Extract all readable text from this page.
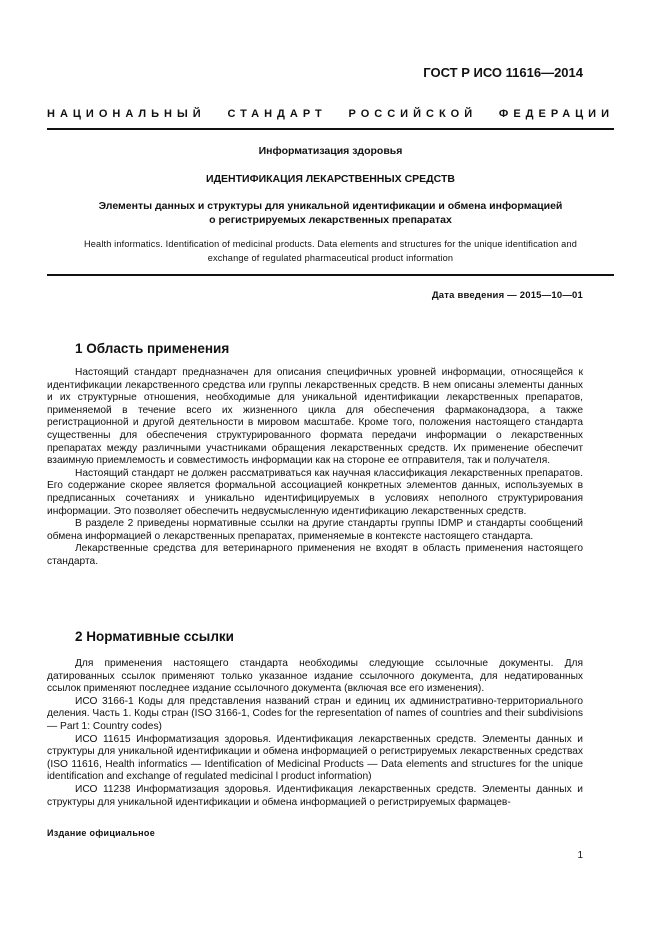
ГОСТ Р ИСО 11616—2014
НАЦИОНАЛЬНЫЙ СТАНДАРТ РОССИЙСКОЙ ФЕДЕРАЦИИ
Информатизация здоровья
ИДЕНТИФИКАЦИЯ ЛЕКАРСТВЕННЫХ СРЕДСТВ
Элементы данных и структуры для уникальной идентификации и обмена информацией
о регистрируемых лекарственных препаратах
Health informatics. Identification of medicinal products. Data elements and structures for the unique identification and
exchange of regulated pharmaceutical product information
Дата введения — 2015—10—01
1 Область применения

Настоящий стандарт предназначен для описания специфичных уровней информации, относящейся к идентификации лекарственного средства или группы лекарственных средств. В нем описаны элементы данных и их структурные отношения, необходимые для уникальной идентификации лекарственных препаратов, применяемой в течение всего их жизненного цикла для обеспечения фармаконадзора, а также регистрационной и другой деятельности в мировом масштабе. Кроме того, положения настоящего стандарта существенны для обеспечения структурированного формата передачи информации о лекарственных препаратах между различными участниками обращения лекарственных средств. Их применение обеспечит взаимную приемлемость и совместимость информации как на стороне ее отправителя, так и получателя.

Настоящий стандарт не должен рассматриваться как научная классификация лекарственных препаратов. Его содержание скорее является формальной ассоциацией конкретных элементов данных, используемых в предписанных сочетаниях и уникально идентифицируемых в условиях неполного структурирования информации. Это позволяет обеспечить недвусмысленную идентификацию лекарственных средств.

В разделе 2 приведены нормативные ссылки на другие стандарты группы IDMP и стандарты сообщений обмена информацией о лекарственных препаратах, применяемые в контексте настоящего стандарта.

Лекарственные средства для ветеринарного применения не входят в область применения настоящего стандарта.

2 Нормативные ссылки

Для применения настоящего стандарта необходимы следующие ссылочные документы. Для датированных ссылок применяют только указанное издание ссылочного документа, для недатированных ссылок применяют последнее издание ссылочного документа (включая все его изменения).

ИСО 3166-1 Коды для представления названий стран и единиц их административно-территориального деления. Часть 1. Коды стран (ISO 3166-1, Codes for the representation of names of countries and their subdivisions — Part 1: Country codes)

ИСО 11615 Информатизация здоровья. Идентификация лекарственных средств. Элементы данных и структуры для уникальной идентификации и обмена информацией о регистрируемых лекарственных средствах (ISO 11616, Health informatics — Identification of Medicinal Products — Data elements and structures for the unique identification and exchange of regulated medicinal l product information)

ИСО 11238 Информатизация здоровья. Идентификация лекарственных средств. Элементы данных и структуры для уникальной идентификации и обмена информацией о регистрируемых фармацев-

Издание официальное
1
